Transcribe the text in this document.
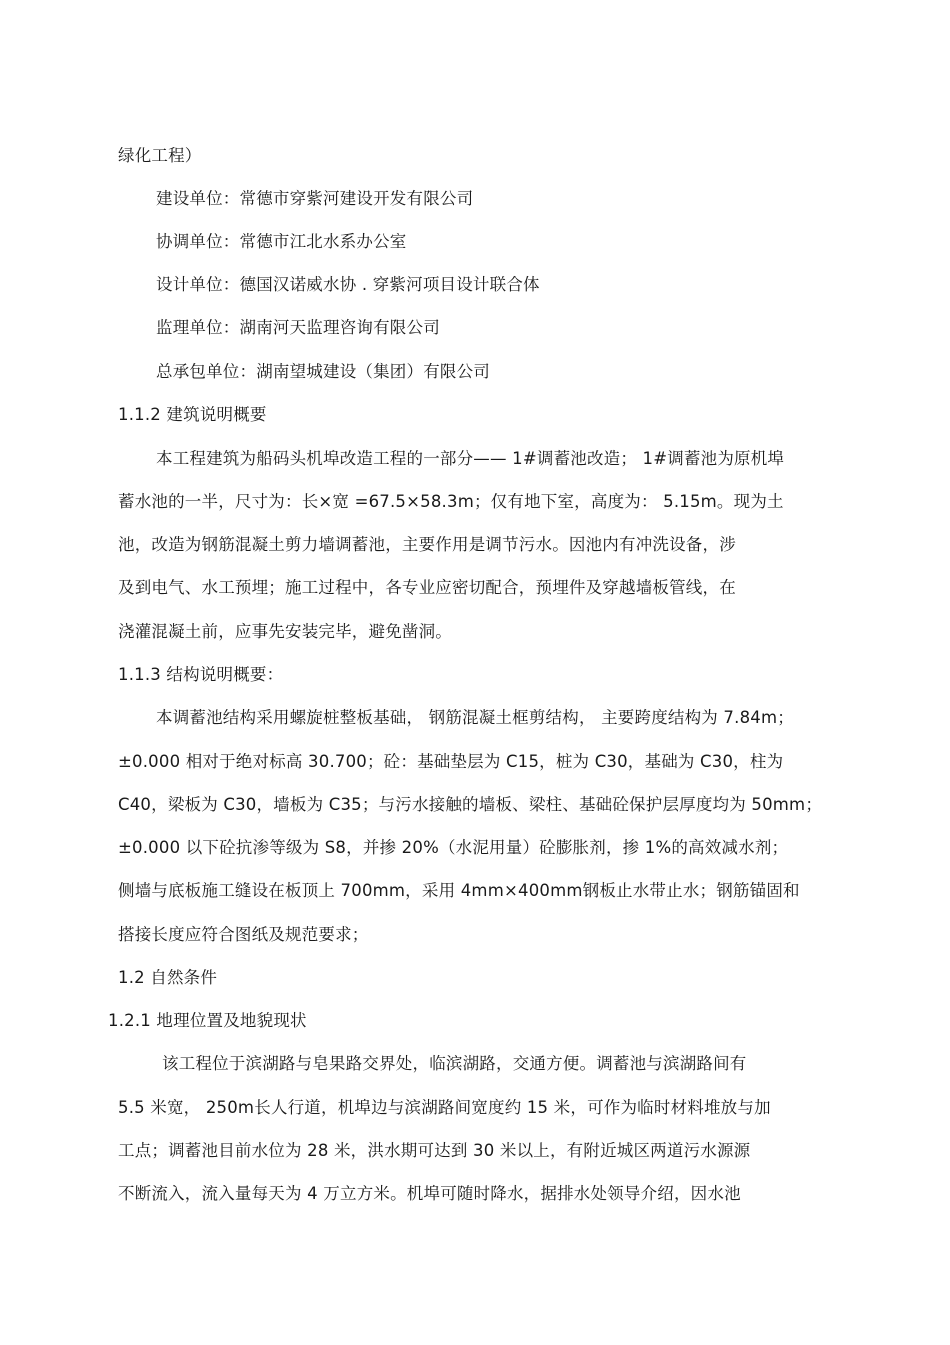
绿化工程）
建设单位：常德市穿紫河建设开发有限公司
协调单位：常德市江北水系办公室
设计单位：德国汉诺威水协 . 穿紫河项目设计联合体
监理单位：湖南河天监理咨询有限公司
总承包单位：湖南望城建设（集团）有限公司
1.1.2 建筑说明概要
本工程建筑为船码头机埠改造工程的一部分—— 1#调蓄池改造； 1#调蓄池为原机埠
蓄水池的一半，尺寸为：长×宽 =67.5×58.3m；仅有地下室，高度为： 5.15m。现为土
池，改造为钢筋混凝土剪力墙调蓄池，主要作用是调节污水。因池内有冲洗设备，涉
及到电气、水工预埋；施工过程中，各专业应密切配合，预埋件及穿越墙板管线，在
浇灌混凝土前，应事先安装完毕，避免凿洞。
1.1.3 结构说明概要：
本调蓄池结构采用螺旋桩整板基础， 钢筋混凝土框剪结构， 主要跨度结构为 7.84m；
±0.000 相对于绝对标高 30.700；砼：基础垫层为 C15，桩为 C30，基础为 C30，柱为
C40，梁板为 C30，墙板为 C35；与污水接触的墙板、梁柱、基础砼保护层厚度均为 50mm；
±0.000 以下砼抗渗等级为 S8，并掺 20%（水泥用量）砼膨胀剂，掺 1%的高效减水剂；
侧墙与底板施工缝设在板顶上 700mm，采用 4mm×400mm钢板止水带止水；钢筋锚固和
搭接长度应符合图纸及规范要求；
1.2 自然条件
1.2.1 地理位置及地貌现状
该工程位于滨湖路与皂果路交界处，临滨湖路，交通方便。调蓄池与滨湖路间有
5.5 米宽， 250m长人行道，机埠边与滨湖路间宽度约 15 米，可作为临时材料堆放与加
工点；调蓄池目前水位为 28 米，洪水期可达到 30 米以上，有附近城区两道污水源源
不断流入，流入量每天为 4 万立方米。机埠可随时降水，据排水处领导介绍，因水池
